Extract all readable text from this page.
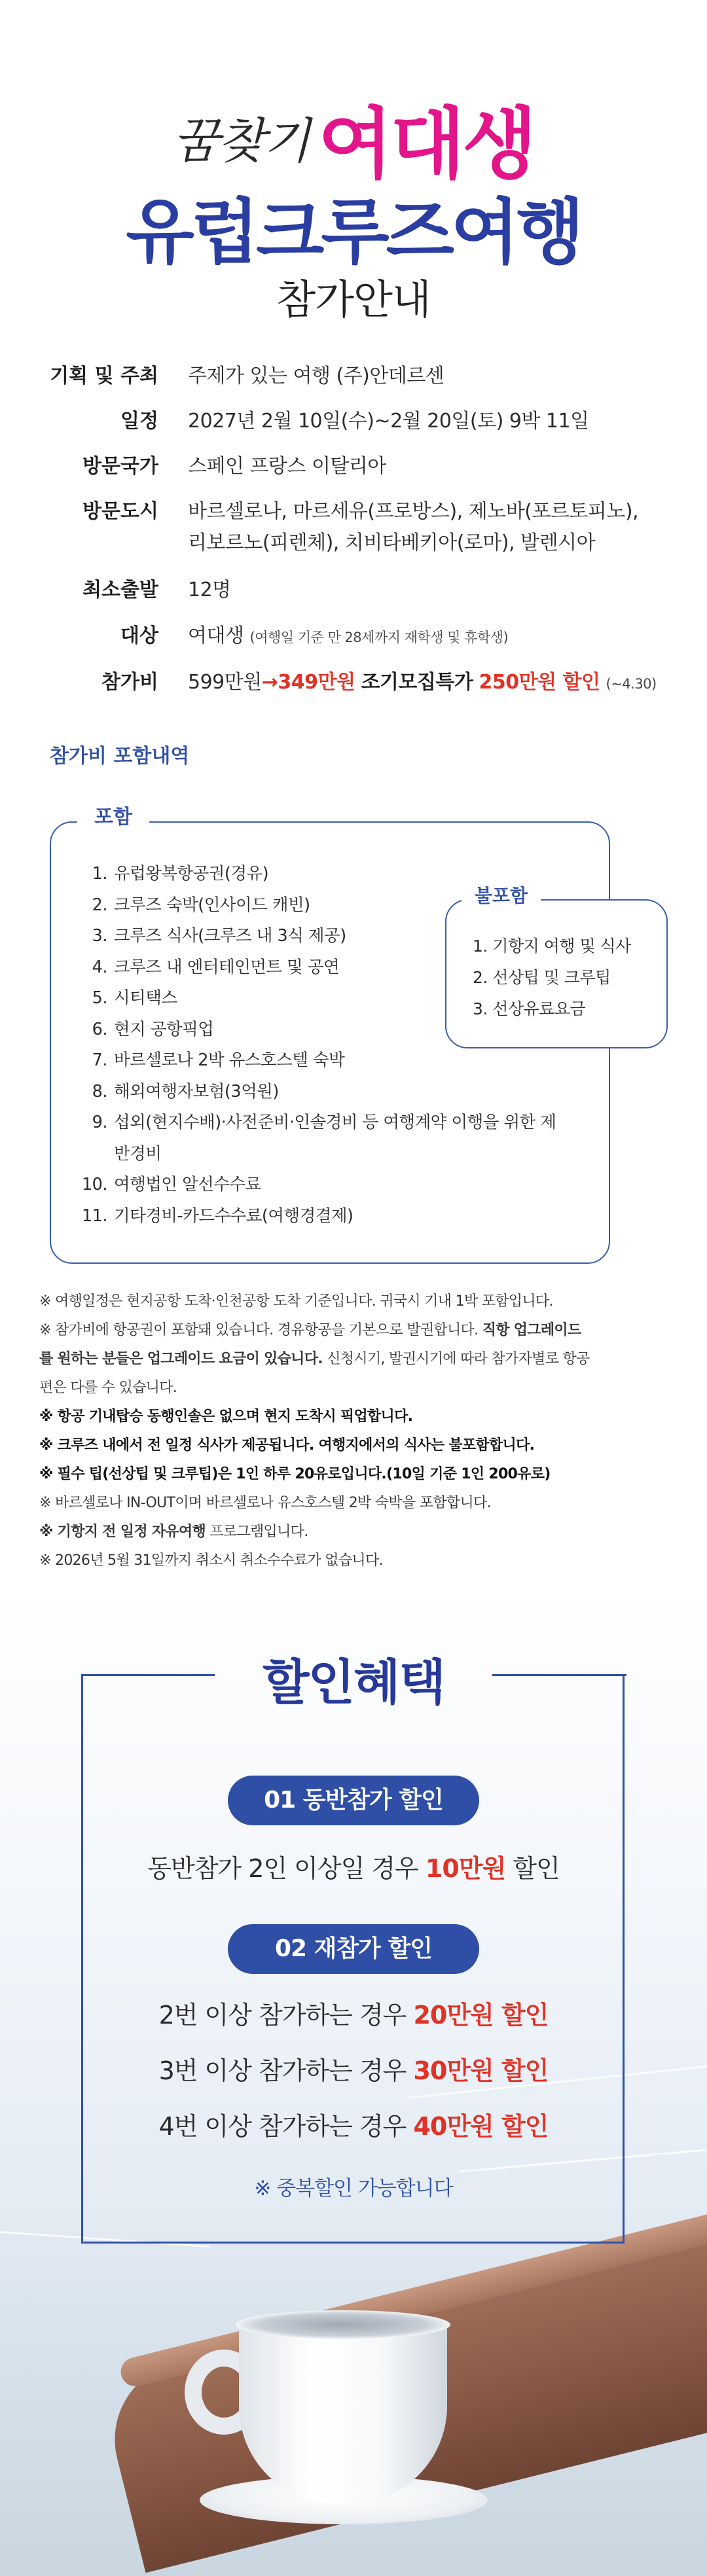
꿈찾기 여대생
유럽크루즈여행
참가안내
기획 및 주최 주제가 있는 여행 (주)안데르센
일정 2027년 2월 10일(수)~2월 20일(토) 9박 11일
방문국가 스페인 프랑스 이탈리아
방문도시 바르셀로나, 마르세유(프로방스), 제노바(포르토피노),
리보르노(피렌체), 치비타베키아(로마), 발렌시아
최소출발 12명
대상 여대생 (여행일 기준 만 28세까지 재학생 및 휴학생)
참가비 599만원→349만원 조기모집특가 250만원 할인 (~4.30)
참가비 포함내역
포함
1. 유럽왕복항공권(경유)
2. 크루즈 숙박(인사이드 캐빈)
3. 크루즈 식사(크루즈 내 3식 제공)
4. 크루즈 내 엔터테인먼트 및 공연
5. 시티택스
6. 현지 공항픽업
7. 바르셀로나 2박 유스호스텔 숙박
8. 해외여행자보험(3억원)
9. 섭외(현지수배)·사전준비·인솔경비 등 여행계약 이행을 위한 제반경비
10. 여행법인 알선수수료
11. 기타경비-카드수수료(여행경결제)
불포함
1. 기항지 여행 및 식사
2. 선상팁 및 크루팁
3. 선상유료요금

※ 여행일정은 현지공항 도착·인천공항 도착 기준입니다. 귀국시 기내 1박 포함입니다.

※ 참가비에 항공권이 포함돼 있습니다. 경유항공을 기본으로 발권합니다. 직항 업그레이드

를 원하는 분들은 업그레이드 요금이 있습니다. 신청시기, 발권시기에 따라 참가자별로 항공

편은 다를 수 있습니다.

※ 항공 기내탑승 동행인솔은 없으며 현지 도착시 픽업합니다.

※ 크루즈 내에서 전 일정 식사가 제공됩니다. 여행지에서의 식사는 불포함합니다.

※ 필수 팁(선상팁 및 크루팁)은 1인 하루 20유로입니다.(10일 기준 1인 200유로)

※ 바르셀로나 IN-OUT이며 바르셀로나 유스호스텔 2박 숙박을 포함합니다.

※ 기항지 전 일정 자유여행 프로그램입니다.

※ 2026년 5월 31일까지 취소시 취소수수료가 없습니다.

할인혜택
01 동반참가 할인
동반참가 2인 이상일 경우 10만원 할인
02 재참가 할인
2번 이상 참가하는 경우 20만원 할인
3번 이상 참가하는 경우 30만원 할인
4번 이상 참가하는 경우 40만원 할인
※ 중복할인 가능합니다
